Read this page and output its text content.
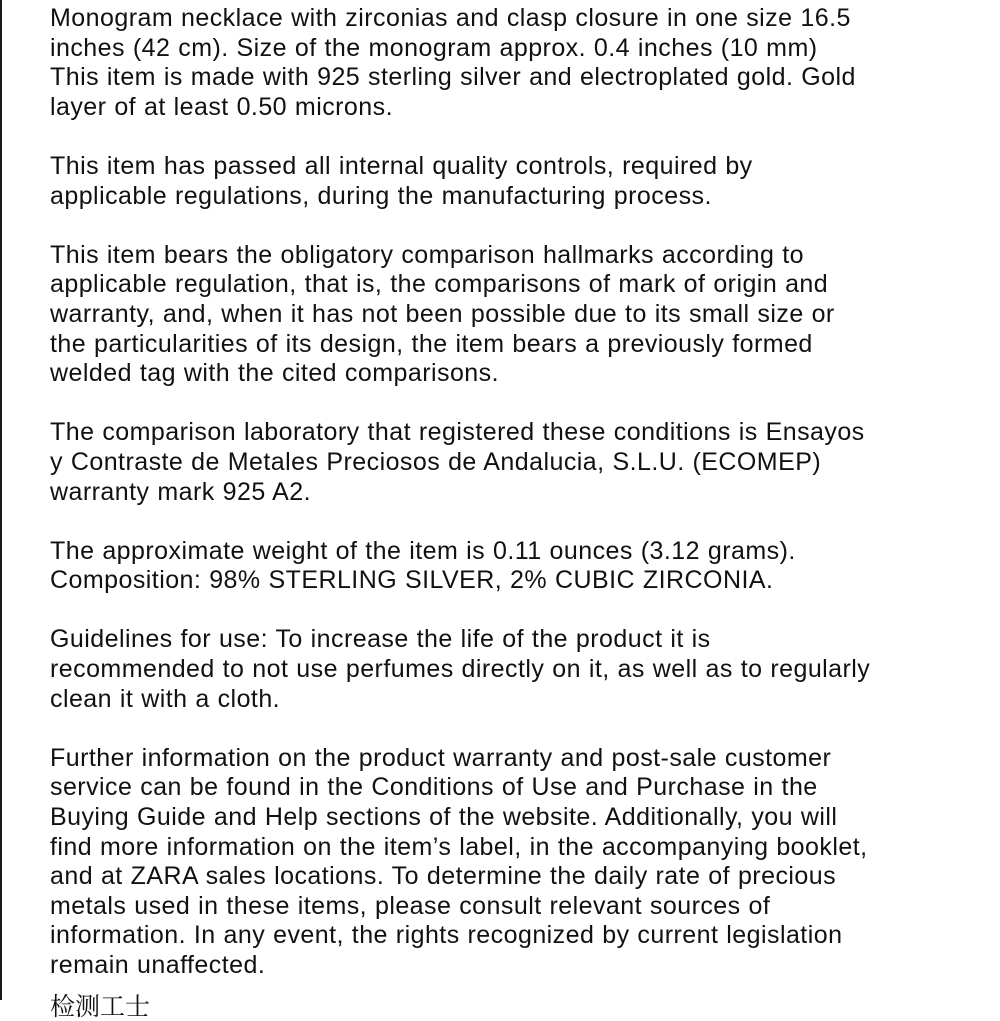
Monogram necklace with zirconias and clasp closure in one size 16.5
inches (42 cm). Size of the monogram approx. 0.4 inches (10 mm)
This item is made with 925 sterling silver and electroplated gold. Gold
layer of at least 0.50 microns.
This item has passed all internal quality controls, required by
applicable regulations, during the manufacturing process.
This item bears the obligatory comparison hallmarks according to
applicable regulation, that is, the comparisons of mark of origin and
warranty, and, when it has not been possible due to its small size or
the particularities of its design, the item bears a previously formed
welded tag with the cited comparisons.
The comparison laboratory that registered these conditions is Ensayos
y Contraste de Metales Preciosos de Andalucia, S.L.U. (ECOMEP)
warranty mark 925 A2.
The approximate weight of the item is 0.11 ounces (3.12 grams).
Composition: 98% STERLING SILVER, 2% CUBIC ZIRCONIA.
Guidelines for use: To increase the life of the product it is
recommended to not use perfumes directly on it, as well as to regularly
clean it with a cloth.
Further information on the product warranty and post-sale customer
service can be found in the Conditions of Use and Purchase in the
Buying Guide and Help sections of the website. Additionally, you will
find more information on the item’s label, in the accompanying booklet,
and at ZARA sales locations. To determine the daily rate of precious
metals used in these items, please consult relevant sources of
information. In any event, the rights recognized by current legislation
remain unaffected.
检测工士
